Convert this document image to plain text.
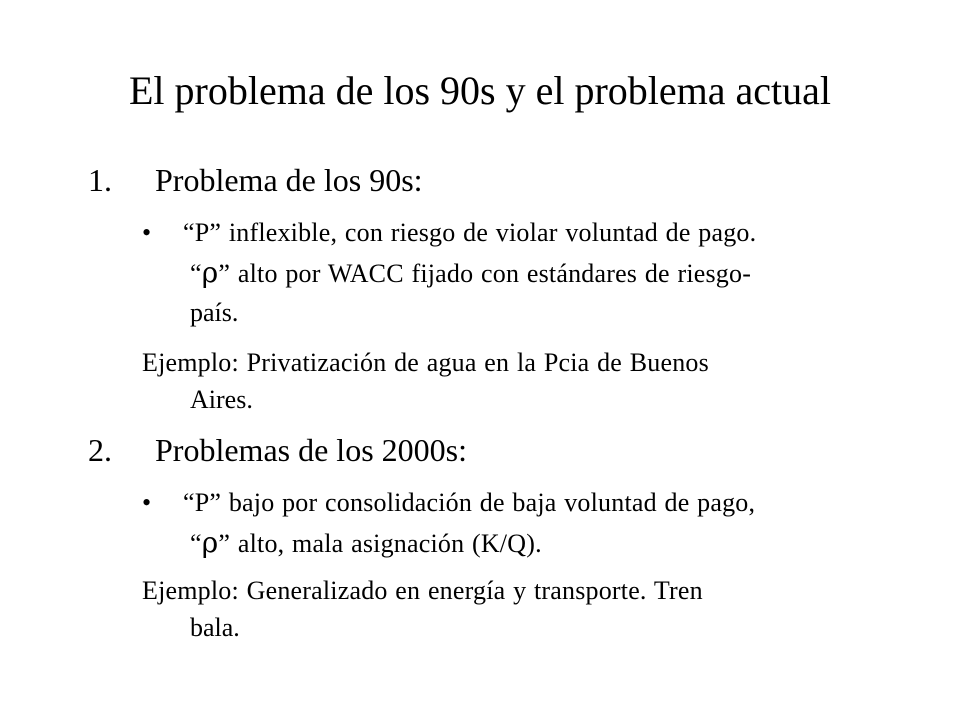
El problema de los 90s y el problema actual
1. Problema de los 90s:
• “P” inflexible, con riesgo de violar voluntad de pago.
“ρ” alto por WACC fijado con estándares de riesgo-
país.
Ejemplo: Privatización de agua en la Pcia de Buenos
Aires.
2. Problemas de los 2000s:
• “P” bajo por consolidación de baja voluntad de pago,
“ρ” alto, mala asignación (K/Q).
Ejemplo: Generalizado en energía y transporte. Tren
bala.
